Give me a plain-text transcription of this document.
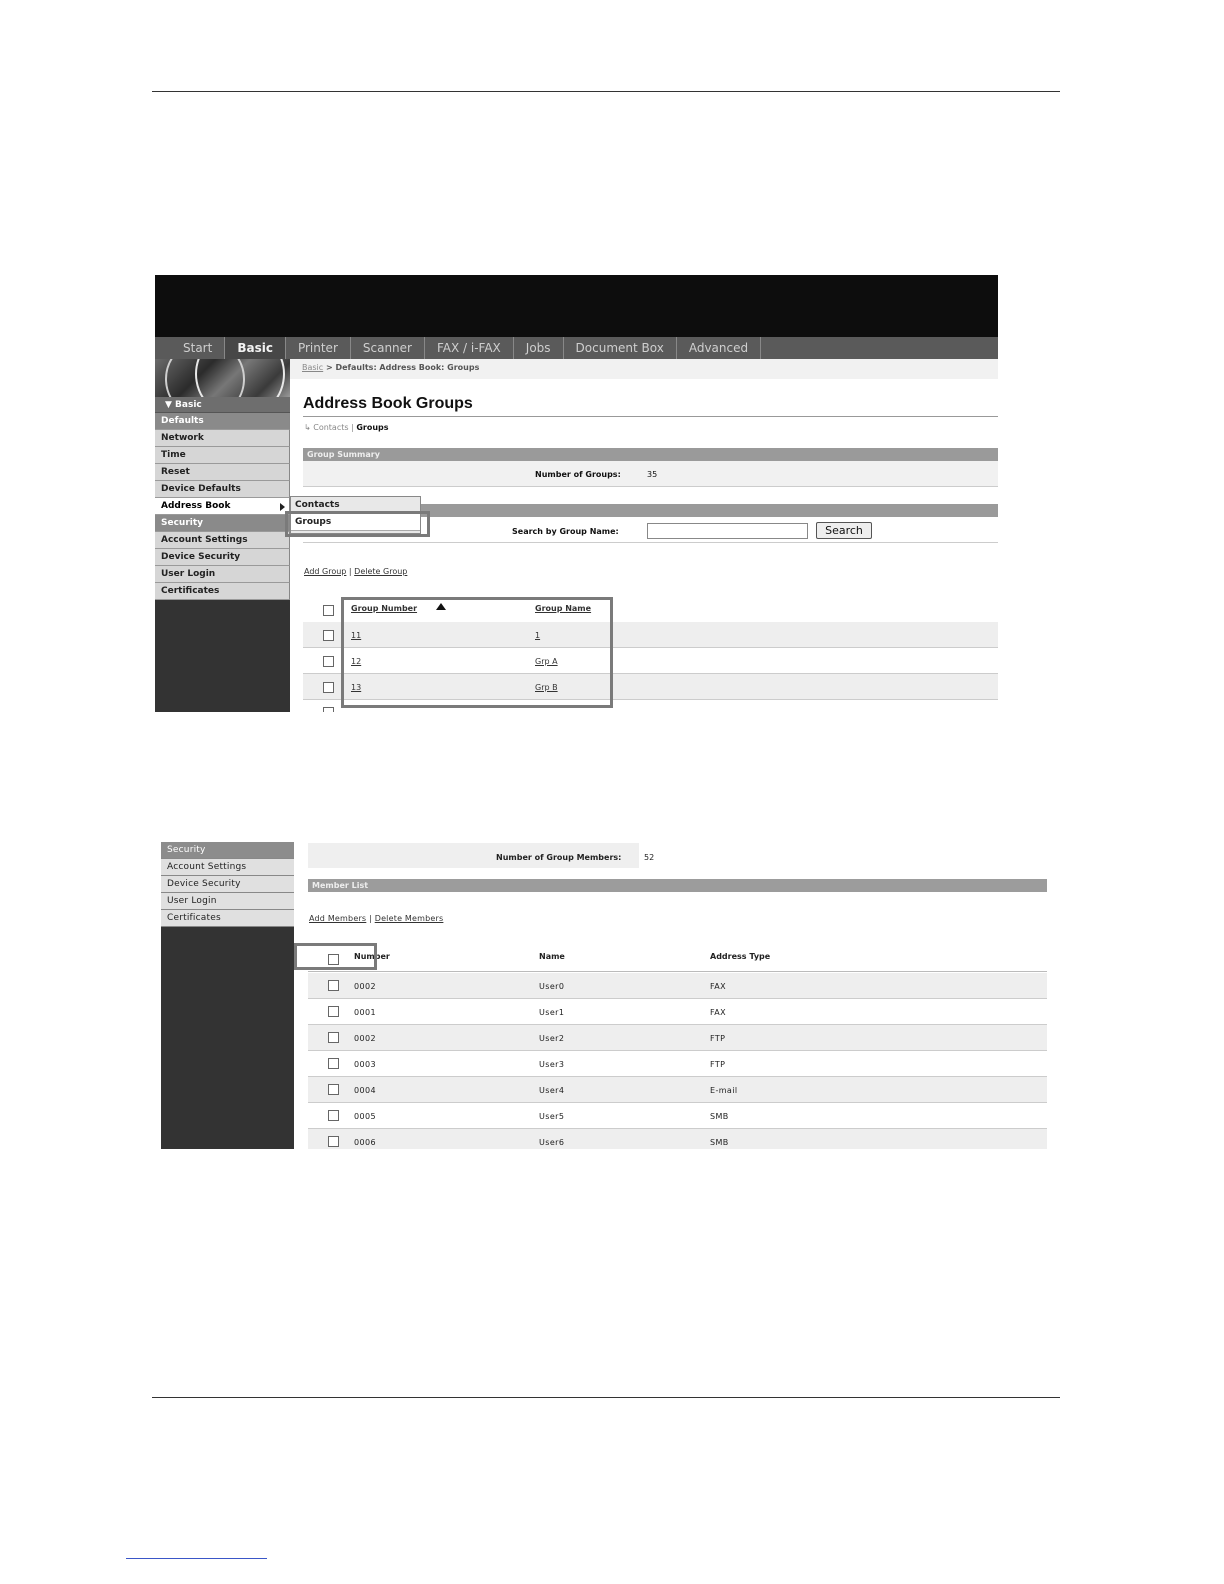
Start	Basic	Printer	Scanner	FAX / i-FAX	Jobs	Document Box	Advanced
▼ Basic
Defaults
Network
Time
Reset
Device Defaults
Address Book
Security
Account Settings
Device Security
User Login
Certificates
Basic > Defaults: Address Book: Groups
Address Book Groups
↳ Contacts | Groups
Group Summary
Number of Groups:	35
Search by Group Name:	Search
Add Group | Delete Group
Group Number	Group Name
11	1
12	Grp A
13	Grp B
Contacts
Groups
Security
Account Settings
Device Security
User Login
Certificates
Number of Group Members:	52
Member List
Add Members | Delete Members
Number	Name	Address Type
0002	User0	FAX
0001	User1	FAX
0002	User2	FTP
0003	User3	FTP
0004	User4	E-mail
0005	User5	SMB
0006	User6	SMB
